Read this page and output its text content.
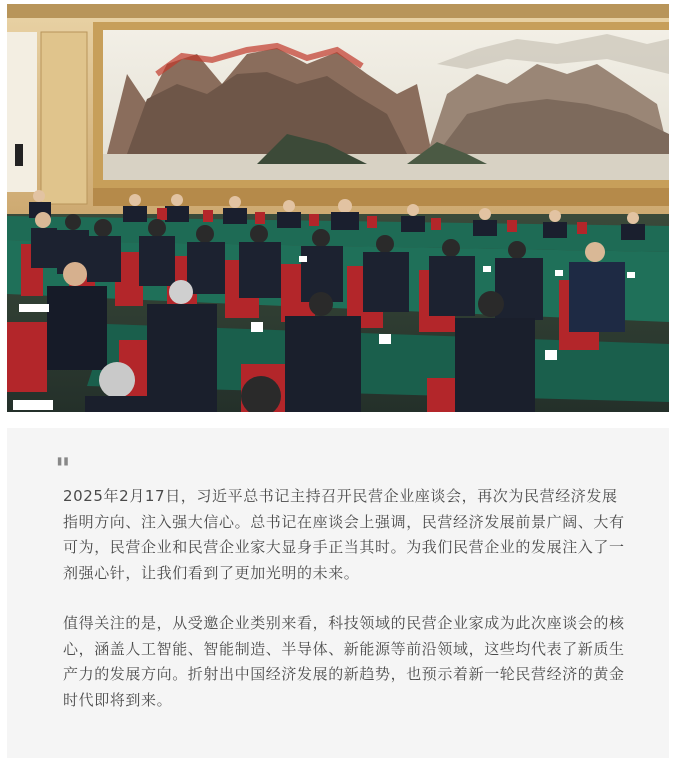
"

2025年2月17日，习近平总书记主持召开民营企业座谈会，再次为民营经济发展指明方向、注入强大信心。总书记在座谈会上强调，民营经济发展前景广阔、大有可为，民营企业和民营企业家大显身手正当其时。为我们民营企业的发展注入了一剂强心针，让我们看到了更加光明的未来。

值得关注的是，从受邀企业类别来看，科技领域的民营企业家成为此次座谈会的核心，涵盖人工智能、智能制造、半导体、新能源等前沿领域，这些均代表了新质生产力的发展方向。折射出中国经济发展的新趋势，也预示着新一轮民营经济的黄金时代即将到来。
